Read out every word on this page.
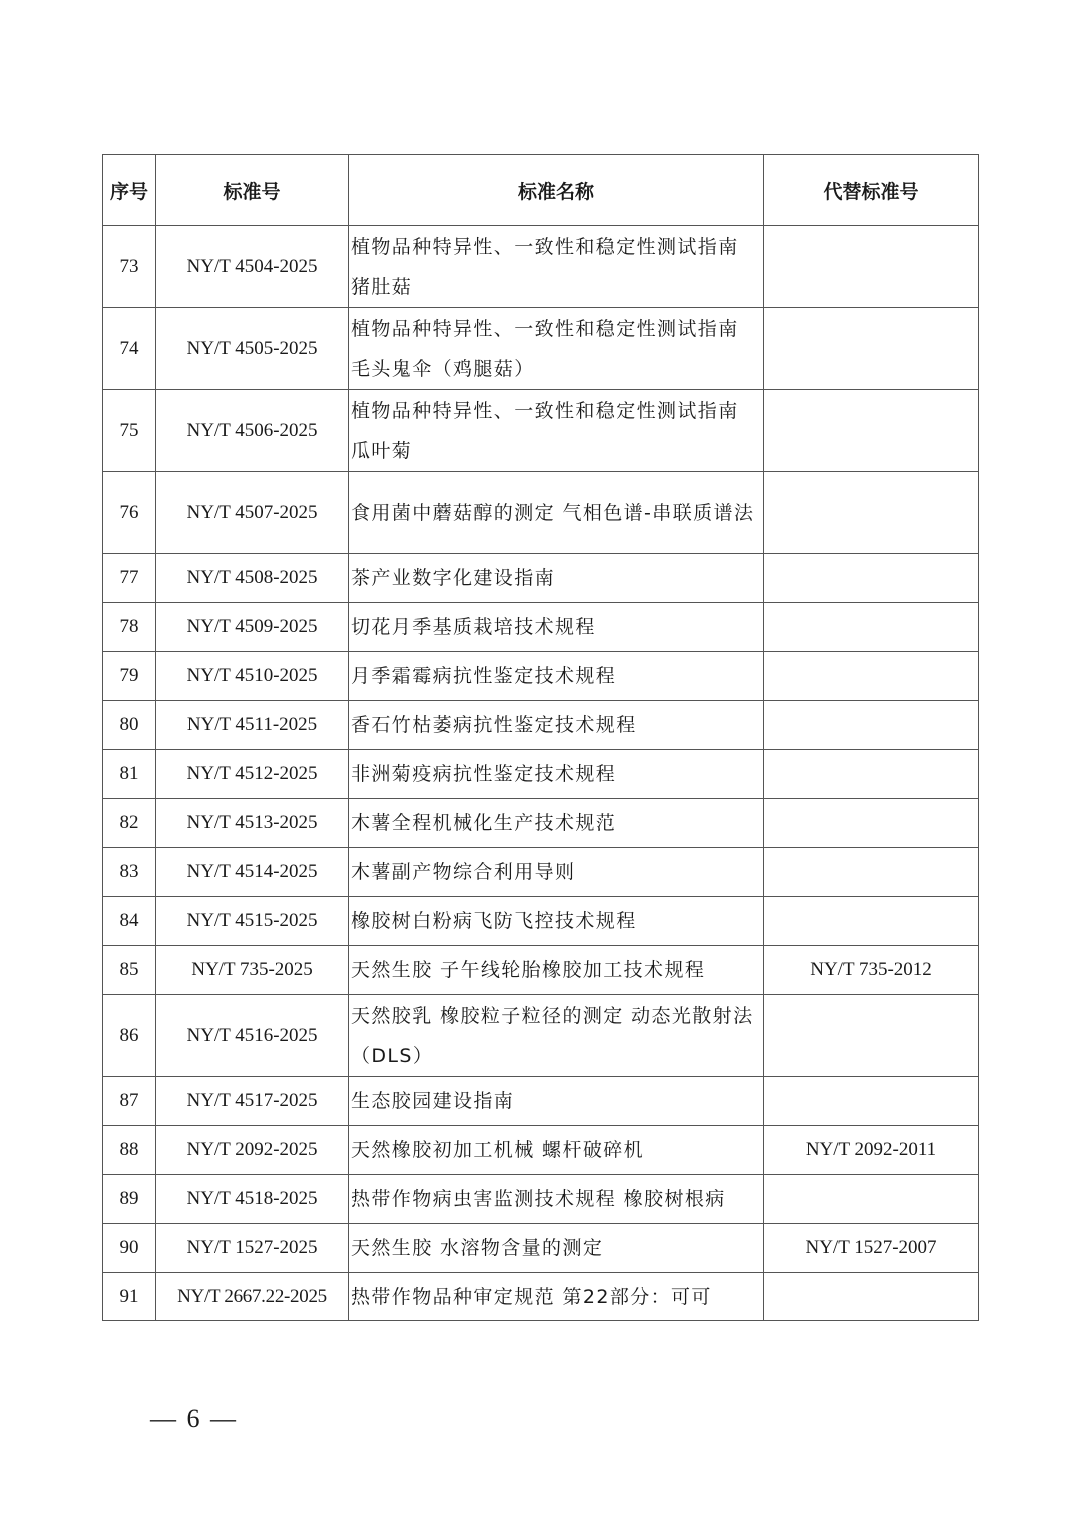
序号	标准号	标准名称	代替标准号
73	NY/T 4504-2025	植物品种特异性、一致性和稳定性测试指南 猪肚菇	
74	NY/T 4505-2025	植物品种特异性、一致性和稳定性测试指南 毛头鬼伞（鸡腿菇）	
75	NY/T 4506-2025	植物品种特异性、一致性和稳定性测试指南 瓜叶菊	
76	NY/T 4507-2025	食用菌中蘑菇醇的测定 气相色谱-串联质谱法	
77	NY/T 4508-2025	茶产业数字化建设指南	
78	NY/T 4509-2025	切花月季基质栽培技术规程	
79	NY/T 4510-2025	月季霜霉病抗性鉴定技术规程	
80	NY/T 4511-2025	香石竹枯萎病抗性鉴定技术规程	
81	NY/T 4512-2025	非洲菊疫病抗性鉴定技术规程	
82	NY/T 4513-2025	木薯全程机械化生产技术规范	
83	NY/T 4514-2025	木薯副产物综合利用导则	
84	NY/T 4515-2025	橡胶树白粉病飞防飞控技术规程	
85	NY/T 735-2025	天然生胶 子午线轮胎橡胶加工技术规程	NY/T 735-2012
86	NY/T 4516-2025	天然胶乳 橡胶粒子粒径的测定 动态光散射法（DLS）	
87	NY/T 4517-2025	生态胶园建设指南	
88	NY/T 2092-2025	天然橡胶初加工机械 螺杆破碎机	NY/T 2092-2011
89	NY/T 4518-2025	热带作物病虫害监测技术规程 橡胶树根病	
90	NY/T 1527-2025	天然生胶 水溶物含量的测定	NY/T 1527-2007
91	NY/T 2667.22-2025	热带作物品种审定规范 第22部分：可可	
— 6 —
